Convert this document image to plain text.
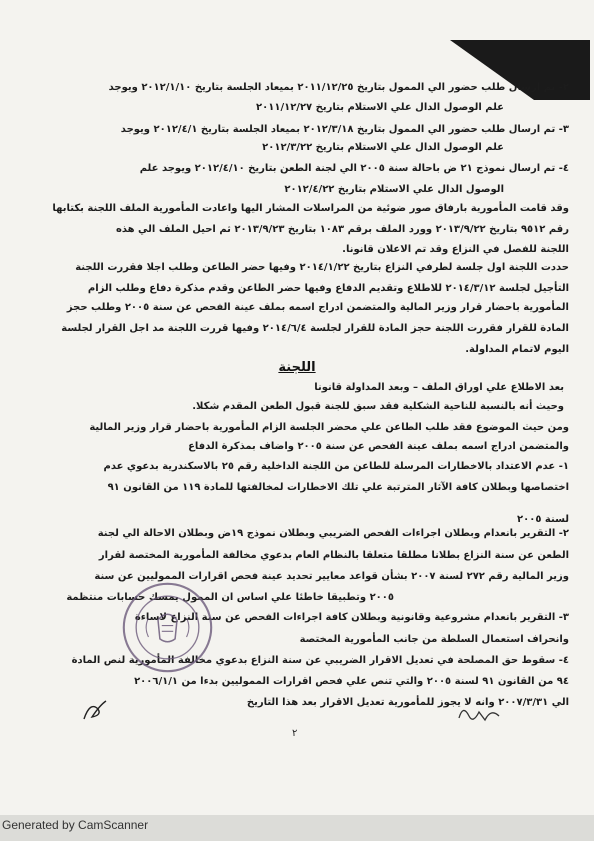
٢- تم ارسال طلب حضور الي الممول بتاريخ ٢٠١١/١٢/٢٥ بميعاد الجلسة بتاريخ ٢٠١٢/١/١٠ ويوجد
علم الوصول الدال علي الاستلام بتاريخ ٢٠١١/١٢/٢٧
٣- تم ارسال طلب حضور الي الممول بتاريخ ٢٠١٢/٣/١٨ بميعاد الجلسة بتاريخ ٢٠١٢/٤/١ ويوجد
علم الوصول الدال علي الاستلام بتاريخ ٢٠١٢/٣/٢٢
٤- تم ارسال نموذج ٢١ ض باحالة سنة ٢٠٠٥ الي لجنة الطعن بتاريخ ٢٠١٢/٤/١٠ ويوجد علم
الوصول الدال علي الاستلام بتاريخ ٢٠١٢/٤/٢٢
وقد قامت المأمورية بارفاق صور ضوئية من المراسلات المشار اليها واعادت المأمورية الملف اللجنة بكتابها
رقم ٩٥١٢ بتاريخ ٢٠١٣/٩/٢٢ وورد الملف برقم ١٠٨٣ بتاريخ ٢٠١٣/٩/٢٣ ثم احيل الملف الي هذه
اللجنة للفصل في النزاع وقد تم الاعلان قانونا.
حددت اللجنة اول جلسة لطرفي النزاع بتاريخ ٢٠١٤/١/٢٢ وفيها حضر الطاعن وطلب اجلا فقررت اللجنة
التأجيل لجلسة ٢٠١٤/٣/١٢ للاطلاع وتقديم الدفاع وفيها حضر الطاعن وقدم مذكرة دفاع وطلب الزام
المأمورية باحضار قرار وزير المالية والمتضمن ادراج اسمه بملف عينة الفحص عن سنة ٢٠٠٥ وطلب حجز
المادة للقرار فقررت اللجنة حجز المادة للقرار لجلسة ٢٠١٤/٦/٤ وفيها قررت اللجنة مد اجل القرار لجلسة
اليوم لاتمام المداولة.
بعد الاطلاع علي اوراق الملف – وبعد المداولة قانونا
وحيث أنه بالنسبة للناحية الشكلية فقد سبق للجنة قبول الطعن المقدم شكلا.
ومن حيث الموضوع فقد طلب الطاعن علي محضر الجلسة الزام المأمورية باحضار قرار وزير المالية
والمتضمن ادراج اسمه بملف عينة الفحص عن سنة ٢٠٠٥ واضاف بمذكرة الدفاع
١- عدم الاعتداد بالاخطارات المرسلة للطاعن من اللجنة الداخلية رقم ٢٥ بالاسكندرية بدعوي عدم
اختصاصها وبطلان كافة الآثار المترتبة علي تلك الاخطارات لمخالفتها للمادة ١١٩ من القانون ٩١
لسنة ٢٠٠٥
٢- التقرير بانعدام وبطلان اجراءات الفحص الضريبي وبطلان نموذج ١٩ض وبطلان الاحالة الي لجنة
الطعن عن سنة النزاع بطلانا مطلقا متعلقا بالنظام العام بدعوي مخالفة المأمورية المختصة لقرار
وزير المالية رقم ٢٧٢ لسنة ٢٠٠٧ بشأن قواعد معايير تحديد عينة فحص اقرارات المموليين عن سنة
٢٠٠٥ وتطبيقا خاطئا علي اساس ان الممول يمسك حسابات منتظمة
٣- التقرير بانعدام مشروعية وقانونية وبطلان كافة اجراءات الفحص عن سنة النزاع لاساءة
وانحراف استعمال السلطة من جانب المأمورية المختصة
٤- سقوط حق المصلحة في تعديل الاقرار الضريبي عن سنة النزاع بدعوي مخالفة المأمورية لنص المادة
٩٤ من القانون ٩١ لسنة ٢٠٠٥ والتي تنص علي فحص اقرارات المموليين بدءا من ٢٠٠٦/١/١
الي ٢٠٠٧/٣/٣١ وانه لا يجوز للمأمورية تعديل الاقرار بعد هذا التاريخ
اللجنة
٢
Generated by CamScanner
